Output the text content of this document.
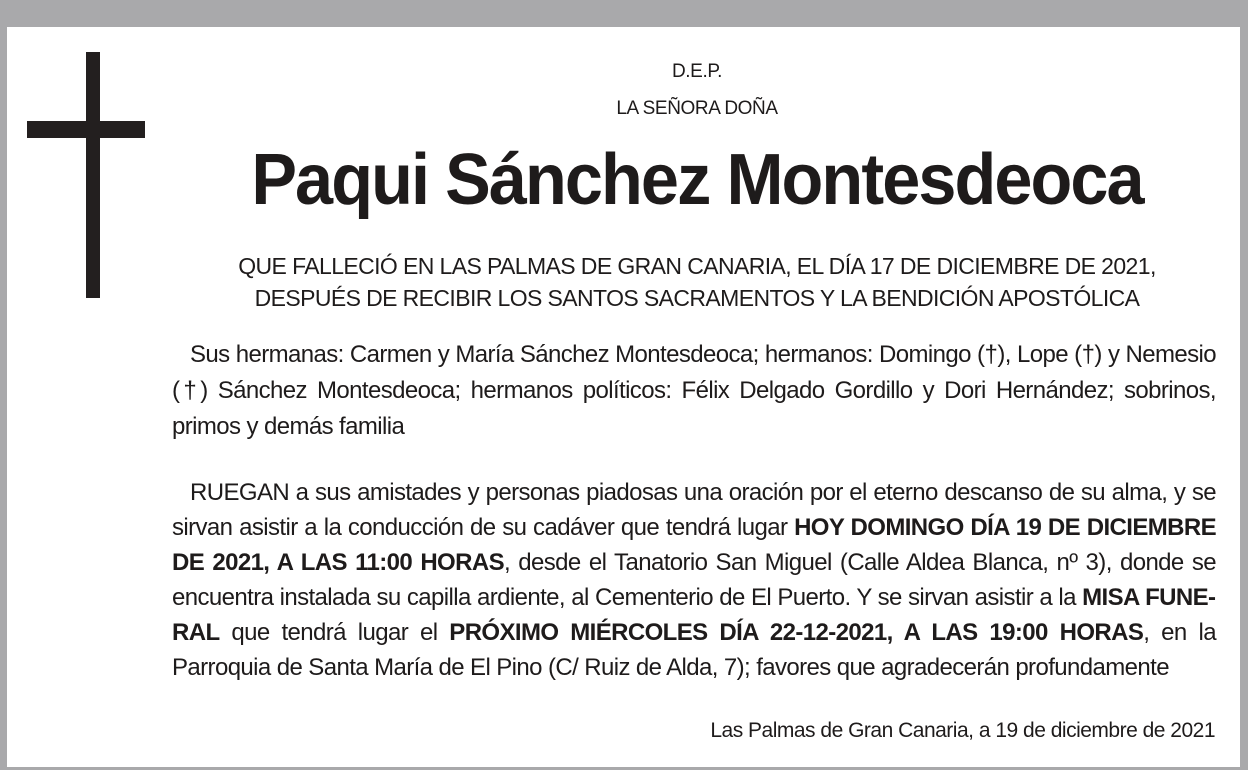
D.E.P.
LA SEÑORA DOÑA
Paqui Sánchez Montesdeoca
QUE FALLECIÓ EN LAS PALMAS DE GRAN CANARIA, EL DÍA 17 DE DICIEMBRE DE 2021,
DESPUÉS DE RECIBIR LOS SANTOS SACRAMENTOS Y LA BENDICIÓN APOSTÓLICA

Sus hermanas: Carmen y María Sánchez Montesdeoca; hermanos: Domingo (†), Lope (†) y Nemesio (†) Sánchez Montesdeoca; hermanos políticos: Félix Delgado Gordillo y Dori Hernández; sobrinos, primos y demás familia

RUEGAN a sus amistades y personas piadosas una oración por el eterno descanso de su alma, y se sirvan asistir a la conducción de su cadáver que tendrá lugar HOY DOMINGO DÍA 19 DE DICIEMBRE DE 2021, A LAS 11:00 HORAS, desde el Tanatorio San Miguel (Calle Aldea Blanca, nº 3), donde se encuentra instalada su capilla ardiente, al Cementerio de El Puerto. Y se sirvan asistir a la MISA FUNERAL que tendrá lugar el PRÓXIMO MIÉRCOLES DÍA 22-12-2021, A LAS 19:00 HORAS, en la Parroquia de Santa María de El Pino (C/ Ruiz de Alda, 7); favores que agradecerán profundamente

Las Palmas de Gran Canaria, a 19 de diciembre de 2021
